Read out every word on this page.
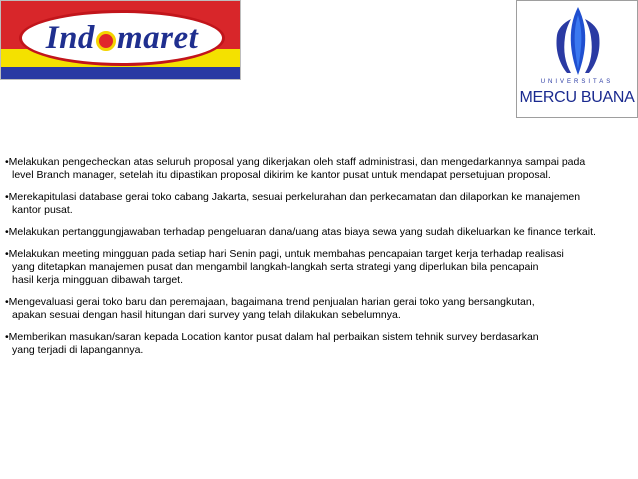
Ind maret
UNIVERSITAS
MERCU BUANA
•Melakukan pengecheckan atas seluruh proposal yang dikerjakan oleh staff administrasi, dan mengedarkannya sampai pada
level Branch manager, setelah itu dipastikan proposal dikirim ke kantor pusat untuk mendapat persetujuan proposal.
•Merekapitulasi database gerai toko cabang Jakarta, sesuai perkelurahan dan perkecamatan dan dilaporkan ke manajemen
kantor pusat.
•Melakukan pertanggungjawaban terhadap pengeluaran dana/uang atas biaya sewa yang sudah dikeluarkan ke finance terkait.
•Melakukan meeting mingguan pada setiap hari Senin pagi, untuk membahas pencapaian target kerja terhadap realisasi
yang ditetapkan manajemen pusat dan mengambil langkah-langkah serta strategi yang diperlukan bila pencapain
hasil kerja mingguan dibawah target.
•Mengevaluasi gerai toko baru dan peremajaan, bagaimana trend penjualan harian gerai toko yang bersangkutan,
apakan sesuai dengan hasil hitungan dari survey yang telah dilakukan sebelumnya.
•Memberikan masukan/saran kepada Location kantor pusat dalam hal perbaikan sistem tehnik survey berdasarkan
yang terjadi di lapangannya.
